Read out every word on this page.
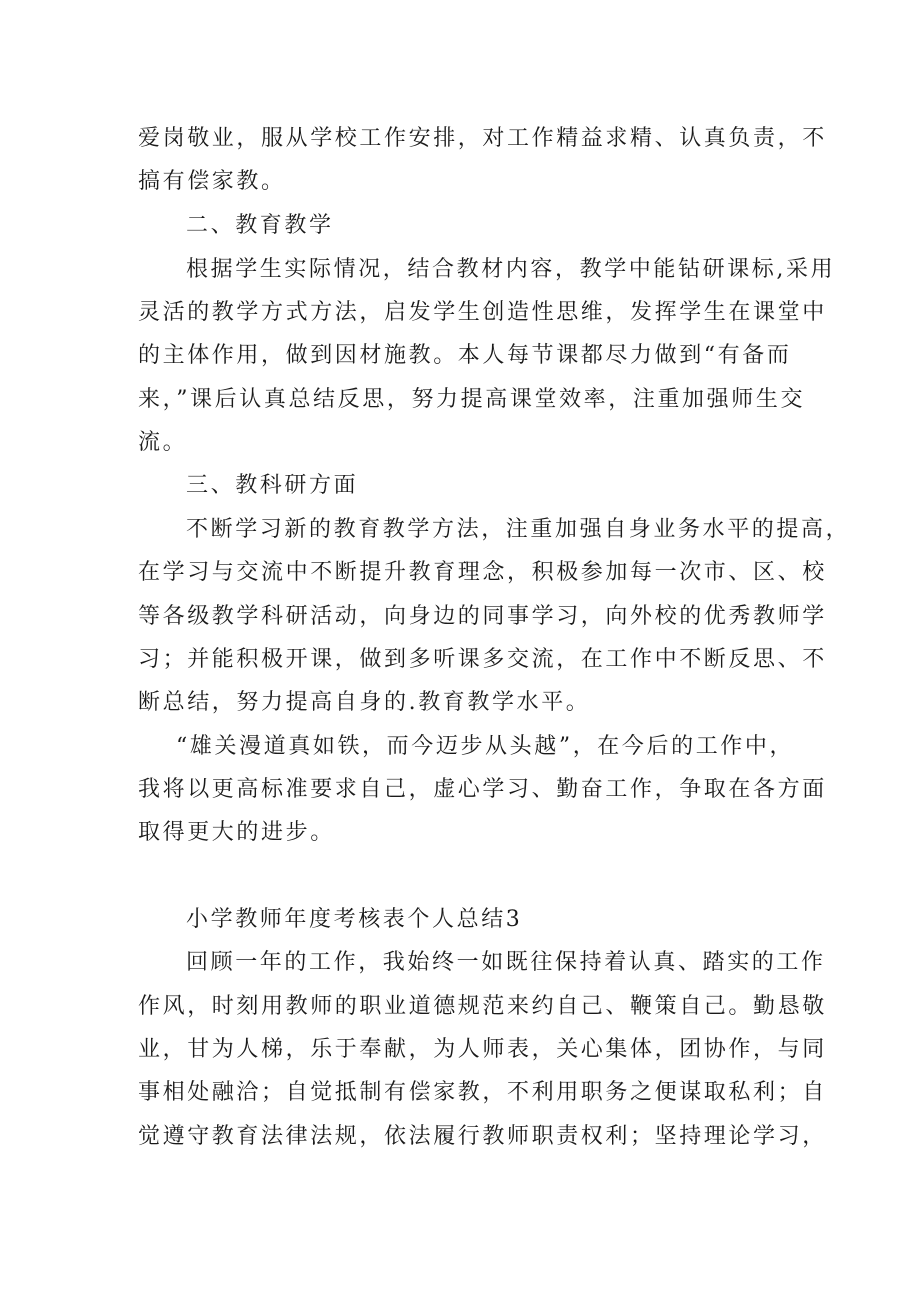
爱岗敬业，服从学校工作安排，对工作精益求精、认真负责，不
搞有偿家教。
二、教育教学
根据学生实际情况，结合教材内容，教学中能钻研课标,采用
灵活的教学方式方法，启发学生创造性思维，发挥学生在课堂中
的主体作用，做到因材施教。本人每节课都尽力做到“有备而
来，”课后认真总结反思，努力提高课堂效率，注重加强师生交
流。
三、教科研方面
不断学习新的教育教学方法，注重加强自身业务水平的提高，
在学习与交流中不断提升教育理念，积极参加每一次市、区、校
等各级教学科研活动，向身边的同事学习，向外校的优秀教师学
习；并能积极开课，做到多听课多交流，在工作中不断反思、不
断总结，努力提高自身的.教育教学水平。
“雄关漫道真如铁，而今迈步从头越”，在今后的工作中，
我将以更高标准要求自己，虚心学习、勤奋工作，争取在各方面
取得更大的进步。
小学教师年度考核表个人总结3
回顾一年的工作，我始终一如既往保持着认真、踏实的工作
作风，时刻用教师的职业道德规范来约自己、鞭策自己。勤恳敬
业，甘为人梯，乐于奉献，为人师表，关心集体，团协作，与同
事相处融洽；自觉抵制有偿家教，不利用职务之便谋取私利；自
觉遵守教育法律法规，依法履行教师职责权利；坚持理论学习，
